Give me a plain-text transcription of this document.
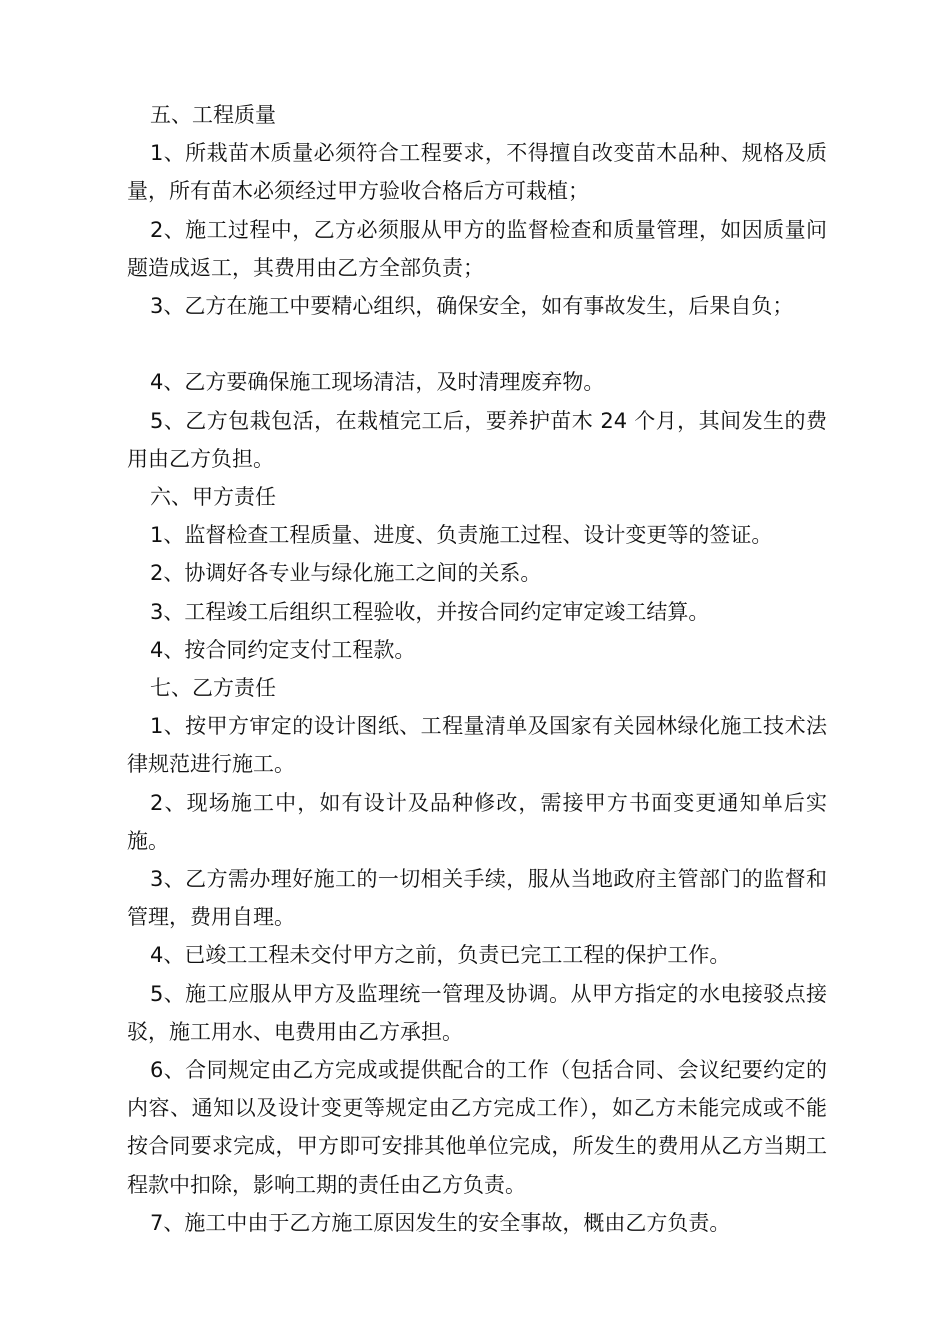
五、工程质量

1、所栽苗木质量必须符合工程要求，不得擅自改变苗木品种、规格及质量，所有苗木必须经过甲方验收合格后方可栽植；

2、施工过程中，乙方必须服从甲方的监督检查和质量管理，如因质量问题造成返工，其费用由乙方全部负责；

3、乙方在施工中要精心组织，确保安全，如有事故发生，后果自负；

4、乙方要确保施工现场清洁，及时清理废弃物。

5、乙方包栽包活，在栽植完工后，要养护苗木 24 个月，其间发生的费用由乙方负担。

六、甲方责任

1、监督检查工程质量、进度、负责施工过程、设计变更等的签证。

2、协调好各专业与绿化施工之间的关系。

3、工程竣工后组织工程验收，并按合同约定审定竣工结算。

4、按合同约定支付工程款。

七、乙方责任

1、按甲方审定的设计图纸、工程量清单及国家有关园林绿化施工技术法律规范进行施工。

2、现场施工中，如有设计及品种修改，需接甲方书面变更通知单后实施。

3、乙方需办理好施工的一切相关手续，服从当地政府主管部门的监督和管理，费用自理。

4、已竣工工程未交付甲方之前，负责已完工工程的保护工作。

5、施工应服从甲方及监理统一管理及协调。从甲方指定的水电接驳点接驳，施工用水、电费用由乙方承担。

6、合同规定由乙方完成或提供配合的工作（包括合同、会议纪要约定的内容、通知以及设计变更等规定由乙方完成工作），如乙方未能完成或不能按合同要求完成，甲方即可安排其他单位完成，所发生的费用从乙方当期工程款中扣除，影响工期的责任由乙方负责。

7、施工中由于乙方施工原因发生的安全事故，概由乙方负责。
